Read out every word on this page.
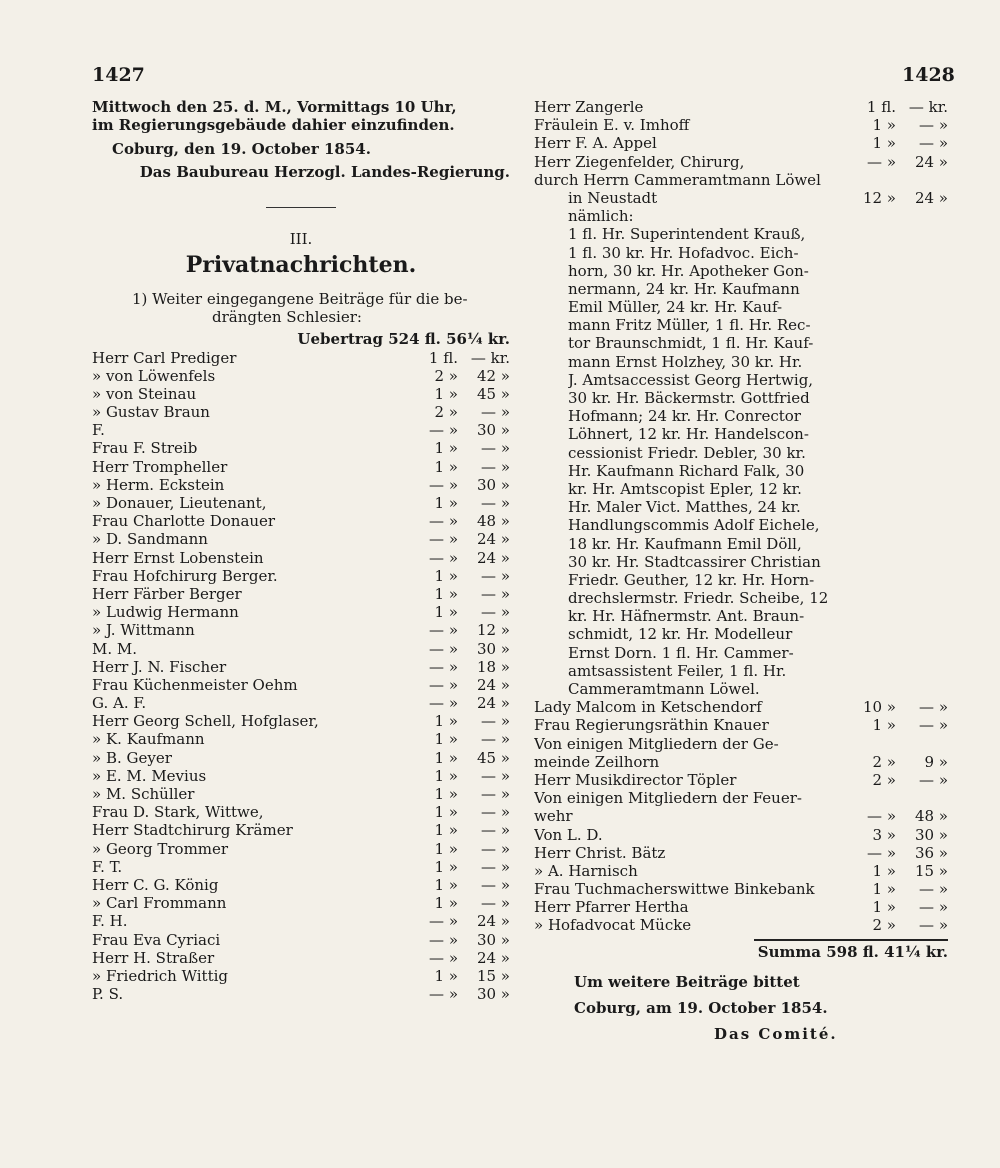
1427	1428
Mittwoch den 25. d. M., Vormittags 10 Uhr,
im Regierungsgebäude dahier einzufinden.
Coburg, den 19. October 1854.
Das Baubureau Herzogl. Landes-Regierung.
III.
Privatnachrichten.
1) Weiter eingegangene Beiträge für die be-
drängten Schlesier:
Uebertrag 524 fl. 56¼ kr.
Herr Carl Prediger	1 fl. — kr.
» von Löwenfels	2 »	42 »
» von Steinau	1 »	45 »
» Gustav Braun	2 »	— »
F.	— »	30 »
Frau F. Streib	1 »	— »
Herr Trompheller	1 »	— »
» Herm. Eckstein	— »	30 »
» Donauer, Lieutenant,	1 »	— »
Frau Charlotte Donauer	— »	48 »
» D. Sandmann	— »	24 »
Herr Ernst Lobenstein	— »	24 »
Frau Hofchirurg Berger.	1 »	— »
Herr Färber Berger	1 »	— »
» Ludwig Hermann	1 »	— »
» J. Wittmann	— »	12 »
M. M.	— »	30 »
Herr J. N. Fischer	— »	18 »
Frau Küchenmeister Oehm	— »	24 »
G. A. F.	— »	24 »
Herr Georg Schell, Hofglaser,	1 »	— »
» K. Kaufmann	1 »	— »
» B. Geyer	1 »	45 »
» E. M. Mevius	1 »	— »
» M. Schüller	1 »	— »
Frau D. Stark, Wittwe,	1 »	— »
Herr Stadtchirurg Krämer	1 »	— »
» Georg Trommer	1 »	— »
F. T.	1 »	— »
Herr C. G. König	1 »	— »
» Carl Frommann	1 »	— »
F. H.	— »	24 »
Frau Eva Cyriaci	— »	30 »
Herr H. Straßer	— »	24 »
» Friedrich Wittig	1 »	15 »
P. S.	— »	30 »
Herr Zangerle	1 fl. — kr.
Fräulein E. v. Imhoff	1 »	— »
Herr F. A. Appel	1 »	— »
Herr Ziegenfelder, Chirurg,	— »	24 »
durch Herrn Cammeramtmann Löwel
in Neustadt	12 »	24 »
nämlich:
1 fl. Hr. Superintendent Krauß,
1 fl. 30 kr. Hr. Hofadvoc. Eich-
horn, 30 kr. Hr. Apotheker Gon-
nermann, 24 kr. Hr. Kaufmann
Emil Müller, 24 kr. Hr. Kauf-
mann Fritz Müller, 1 fl. Hr. Rec-
tor Braunschmidt, 1 fl. Hr. Kauf-
mann Ernst Holzhey, 30 kr. Hr.
J. Amtsaccessist Georg Hertwig,
30 kr. Hr. Bäckermstr. Gottfried
Hofmann; 24 kr. Hr. Conrector
Löhnert, 12 kr. Hr. Handelscon-
cessionist Friedr. Debler, 30 kr.
Hr. Kaufmann Richard Falk, 30
kr. Hr. Amtscopist Epler, 12 kr.
Hr. Maler Vict. Matthes, 24 kr.
Handlungscommis Adolf Eichele,
18 kr. Hr. Kaufmann Emil Döll,
30 kr. Hr. Stadtcassirer Christian
Friedr. Geuther, 12 kr. Hr. Horn-
drechslermstr. Friedr. Scheibe, 12
kr. Hr. Häfnermstr. Ant. Braun-
schmidt, 12 kr. Hr. Modelleur
Ernst Dorn. 1 fl. Hr. Cammer-
amtsassistent Feiler, 1 fl. Hr.
Cammeramtmann Löwel.
Lady Malcom in Ketschendorf	10 »	— »
Frau Regierungsräthin Knauer	1 »	— »
Von einigen Mitgliedern der Ge-
meinde Zeilhorn	2 »	9 »
Herr Musikdirector Töpler	2 »	— »
Von einigen Mitgliedern der Feuer-
wehr	— »	48 »
Von L. D.	3 »	30 »
Herr Christ. Bätz	— »	36 »
» A. Harnisch	1 »	15 »
Frau Tuchmacherswittwe Binkebank	1 »	— »
Herr Pfarrer Hertha	1 »	— »
» Hofadvocat Mücke	2 »	— »
Summa 598 fl. 41¼ kr.
Um weitere Beiträge bittet
Coburg, am 19. October 1854.
Das Comité.
